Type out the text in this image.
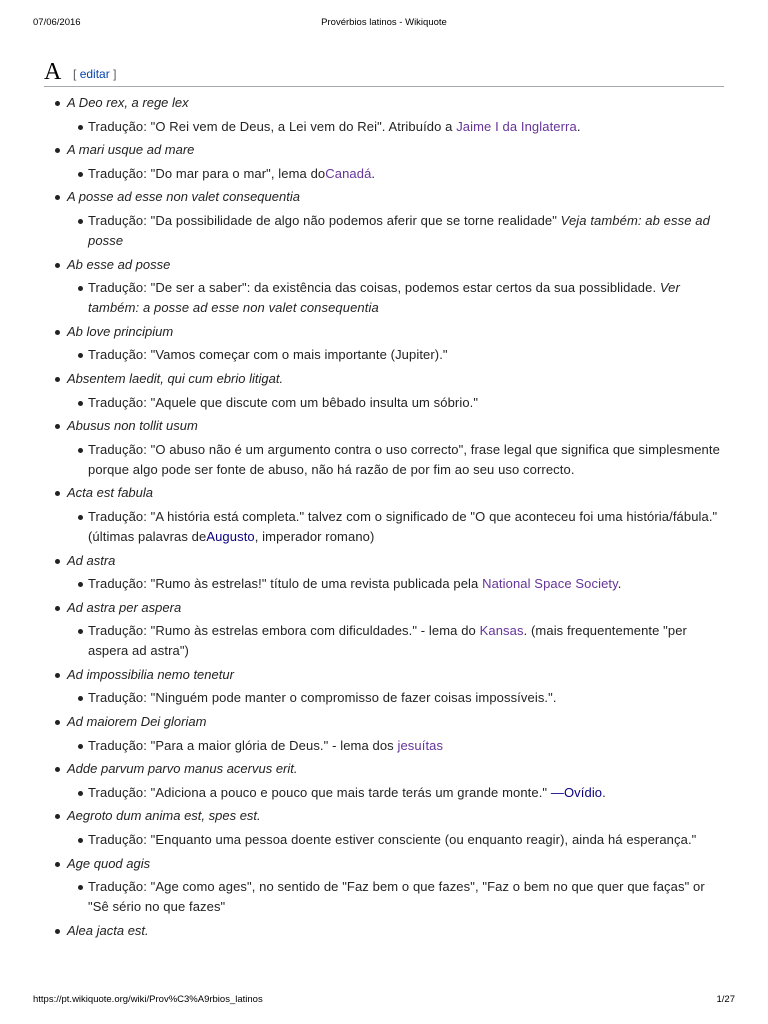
07/06/2016	Provérbios latinos - Wikiquote
A [ editar ]
A Deo rex, a rege lex
Tradução: "O Rei vem de Deus, a Lei vem do Rei". Atribuído a Jaime I da Inglaterra.
A mari usque ad mare
Tradução: "Do mar para o mar", lema doCanadá.
A posse ad esse non valet consequentia
Tradução: "Da possibilidade de algo não podemos aferir que se torne realidade" Veja também: ab esse ad posse
Ab esse ad posse
Tradução: "De ser a saber": da existência das coisas, podemos estar certos da sua possiblidade. Ver também: a posse ad esse non valet consequentia
Ab love principium
Tradução: "Vamos começar com o mais importante (Jupiter)."
Absentem laedit, qui cum ebrio litigat.
Tradução: "Aquele que discute com um bêbado insulta um sóbrio."
Abusus non tollit usum
Tradução: "O abuso não é um argumento contra o uso correcto", frase legal que significa que simplesmente porque algo pode ser fonte de abuso, não há razão de por fim ao seu uso correcto.
Acta est fabula
Tradução: "A história está completa." talvez com o significado de "O que aconteceu foi uma história/fábula." (últimas palavras deAugusto, imperador romano)
Ad astra
Tradução: "Rumo às estrelas!" título de uma revista publicada pela National Space Society.
Ad astra per aspera
Tradução: "Rumo às estrelas embora com dificuldades." - lema do Kansas. (mais frequentemente "per aspera ad astra")
Ad impossibilia nemo tenetur
Tradução: "Ninguém pode manter o compromisso de fazer coisas impossíveis.".
Ad maiorem Dei gloriam
Tradução: "Para a maior glória de Deus." - lema dos jesuítas
Adde parvum parvo manus acervus erit.
Tradução: "Adiciona a pouco e pouco que mais tarde terás um grande monte." —Ovídio.
Aegroto dum anima est, spes est.
Tradução: "Enquanto uma pessoa doente estiver consciente (ou enquanto reagir), ainda há esperança."
Age quod agis
Tradução: "Age como ages", no sentido de "Faz bem o que fazes", "Faz o bem no que quer que faças" or "Sê sério no que fazes"
Alea jacta est.
https://pt.wikiquote.org/wiki/Prov%C3%A9rbios_latinos	1/27
